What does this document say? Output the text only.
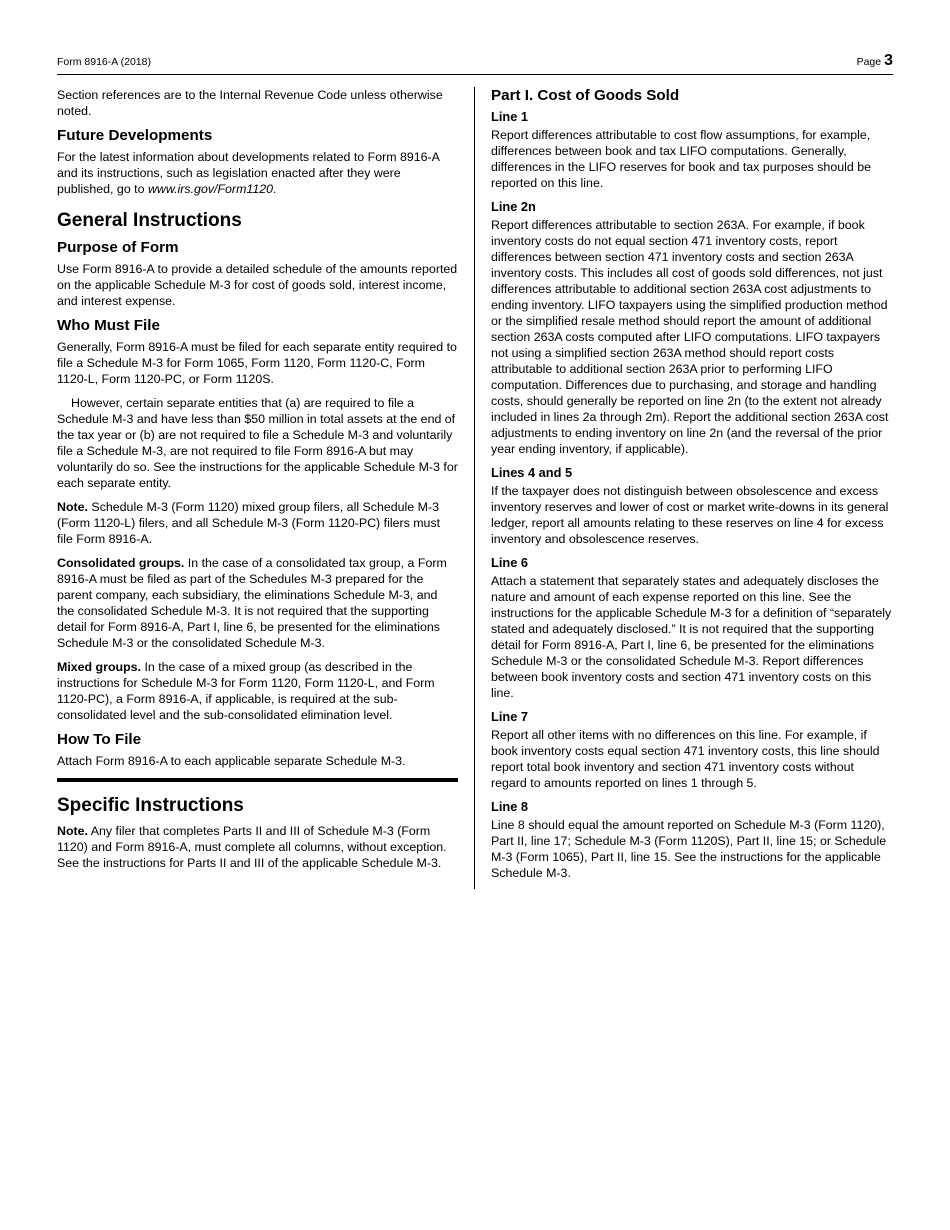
Form 8916-A (2018)	Page 3

Section references are to the Internal Revenue Code unless otherwise noted.

Future Developments

For the latest information about developments related to Form 8916-A and its instructions, such as legislation enacted after they were published, go to www.irs.gov/Form1120.

General Instructions
Purpose of Form

Use Form 8916-A to provide a detailed schedule of the amounts reported on the applicable Schedule M-3 for cost of goods sold, interest income, and interest expense.

Who Must File

Generally, Form 8916-A must be filed for each separate entity required to file a Schedule M-3 for Form 1065, Form 1120, Form 1120-C, Form 1120-L, Form 1120-PC, or Form 1120S.

However, certain separate entities that (a) are required to file a Schedule M-3 and have less than $50 million in total assets at the end of the tax year or (b) are not required to file a Schedule M-3 and voluntarily file a Schedule M-3, are not required to file Form 8916-A but may voluntarily do so. See the instructions for the applicable Schedule M-3 for each separate entity.

Note. Schedule M-3 (Form 1120) mixed group filers, all Schedule M-3 (Form 1120-L) filers, and all Schedule M-3 (Form 1120-PC) filers must file Form 8916-A.

Consolidated groups. In the case of a consolidated tax group, a Form 8916-A must be filed as part of the Schedules M-3 prepared for the parent company, each subsidiary, the eliminations Schedule M-3, and the consolidated Schedule M-3. It is not required that the supporting detail for Form 8916-A, Part I, line 6, be presented for the eliminations Schedule M-3 or the consolidated Schedule M-3.

Mixed groups. In the case of a mixed group (as described in the instructions for Schedule M-3 for Form 1120, Form 1120-L, and Form 1120-PC), a Form 8916-A, if applicable, is required at the sub-consolidated level and the sub-consolidated elimination level.

How To File

Attach Form 8916-A to each applicable separate Schedule M-3.

Specific Instructions

Note. Any filer that completes Parts II and III of Schedule M-3 (Form 1120) and Form 8916-A, must complete all columns, without exception. See the instructions for Parts II and III of the applicable Schedule M-3.

Part I. Cost of Goods Sold
Line 1

Report differences attributable to cost flow assumptions, for example, differences between book and tax LIFO computations. Generally, differences in the LIFO reserves for book and tax purposes should be reported on this line.

Line 2n

Report differences attributable to section 263A. For example, if book inventory costs do not equal section 471 inventory costs, report differences between section 471 inventory costs and section 263A inventory costs. This includes all cost of goods sold differences, not just differences attributable to additional section 263A cost adjustments to ending inventory. LIFO taxpayers using the simplified production method or the simplified resale method should report the amount of additional section 263A costs computed after LIFO computations. LIFO taxpayers not using a simplified section 263A method should report costs attributable to additional section 263A prior to performing LIFO computation. Differences due to purchasing, and storage and handling costs, should generally be reported on line 2n (to the extent not already included in lines 2a through 2m). Report the additional section 263A cost adjustments to ending inventory on line 2n (and the reversal of the prior year ending inventory, if applicable).

Lines 4 and 5

If the taxpayer does not distinguish between obsolescence and excess inventory reserves and lower of cost or market write-downs in its general ledger, report all amounts relating to these reserves on line 4 for excess inventory and obsolescence reserves.

Line 6

Attach a statement that separately states and adequately discloses the nature and amount of each expense reported on this line. See the instructions for the applicable Schedule M-3 for a definition of “separately stated and adequately disclosed.” It is not required that the supporting detail for Form 8916-A, Part I, line 6, be presented for the eliminations Schedule M-3 or the consolidated Schedule M-3. Report differences between book inventory costs and section 471 inventory costs on this line.

Line 7

Report all other items with no differences on this line. For example, if book inventory costs equal section 471 inventory costs, this line should report total book inventory and section 471 inventory costs without regard to amounts reported on lines 1 through 5.

Line 8

Line 8 should equal the amount reported on Schedule M-3 (Form 1120), Part II, line 17; Schedule M-3 (Form 1120S), Part II, line 15; or Schedule M-3 (Form 1065), Part II, line 15. See the instructions for the applicable Schedule M-3.
